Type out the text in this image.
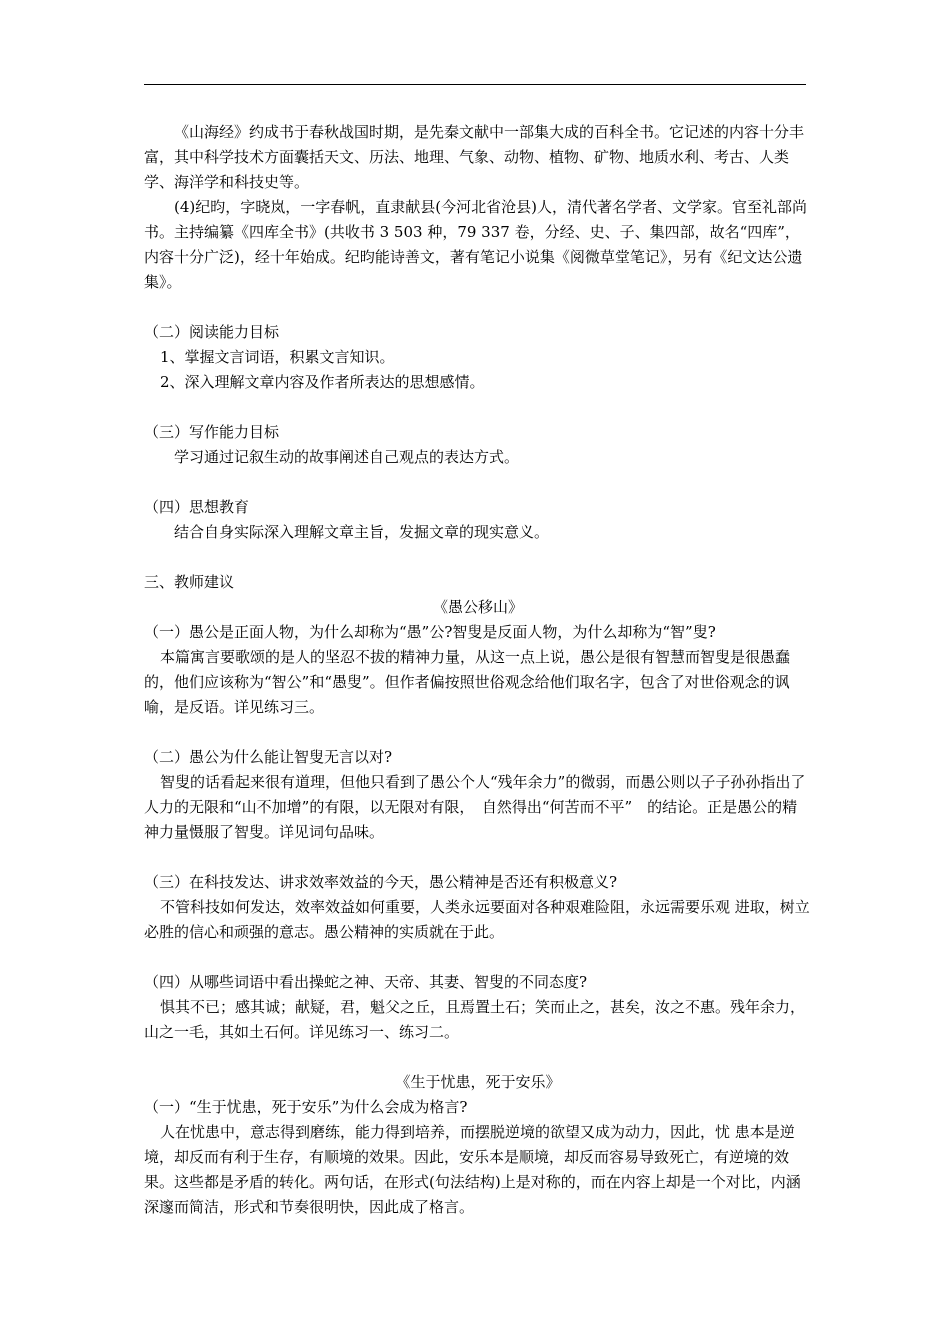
《山海经》约成书于春秋战国时期，是先秦文献中一部集大成的百科全书。它记述的内容十分丰富，其中科学技术方面囊括天文、历法、地理、气象、动物、植物、矿物、地质水利、考古、人类学、海洋学和科技史等。

(4)纪昀，字晓岚，一字春帆，直隶献县(今河北省沧县)人，清代著名学者、文学家。官至礼部尚书。主持编纂《四库全书》(共收书 3 503 种，79 337 卷，分经、史、子、集四部，故名“四库”，内容十分广泛)，经十年始成。纪昀能诗善文，著有笔记小说集《阅微草堂笔记》，另有《纪文达公遗集》。

（二）阅读能力目标

1、掌握文言词语，积累文言知识。

2、深入理解文章内容及作者所表达的思想感情。

（三）写作能力目标

学习通过记叙生动的故事阐述自己观点的表达方式。

（四）思想教育

结合自身实际深入理解文章主旨，发掘文章的现实意义。

三、教师建议

《愚公移山》

（一）愚公是正面人物，为什么却称为“愚”公?智叟是反面人物，为什么却称为“智”叟?

本篇寓言要歌颂的是人的坚忍不拔的精神力量，从这一点上说，愚公是很有智慧而智叟是很愚蠢的，他们应该称为“智公”和“愚叟”。但作者偏按照世俗观念给他们取名字，包含了对世俗观念的讽喻，是反语。详见练习三。

（二）愚公为什么能让智叟无言以对?

智叟的话看起来很有道理，但他只看到了愚公个人“残年余力”的微弱，而愚公则以子子孙孙指出了人力的无限和“山不加增”的有限，以无限对有限，　自然得出“何苦而不平”　的结论。正是愚公的精神力量慑服了智叟。详见词句品味。

（三）在科技发达、讲求效率效益的今天，愚公精神是否还有积极意义?

不管科技如何发达，效率效益如何重要，人类永远要面对各种艰难险阻，永远需要乐观 进取，树立必胜的信心和顽强的意志。愚公精神的实质就在于此。

（四）从哪些词语中看出操蛇之神、天帝、其妻、智叟的不同态度?

惧其不已；感其诚；献疑，君，魁父之丘，且焉置土石；笑而止之，甚矣，汝之不惠。残年余力，山之一毛，其如土石何。详见练习一、练习二。

《生于忧患，死于安乐》

（一）“生于忧患，死于安乐”为什么会成为格言?

人在忧患中，意志得到磨练，能力得到培养，而摆脱逆境的欲望又成为动力，因此，忧 患本是逆境，却反而有利于生存，有顺境的效果。因此，安乐本是顺境，却反而容易导致死亡，有逆境的效果。这些都是矛盾的转化。两句话，在形式(句法结构)上是对称的，而在内容上却是一个对比，内涵深邃而简洁，形式和节奏很明快，因此成了格言。
